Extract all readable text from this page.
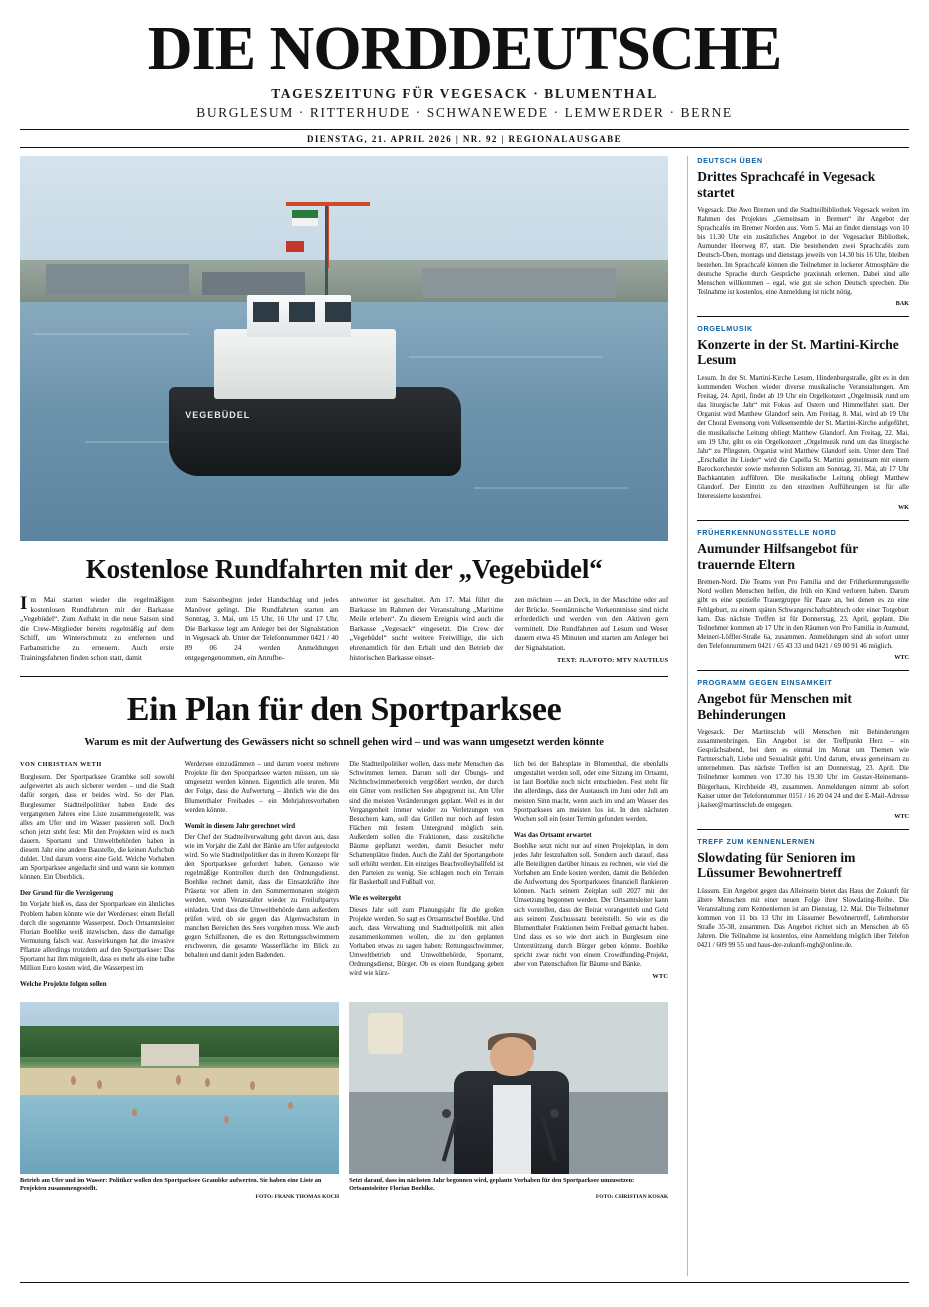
DIE NORDDEUTSCHE
TAGESZEITUNG FÜR VEGESACK · BLUMENTHAL
BURGLESUM · RITTERHUDE · SCHWANEWEDE · LEMWERDER · BERNE
DIENSTAG, 21. APRIL 2026 | NR. 92 | REGIONALAUSGABE
VEGEBÜDEL
Kostenlose Rundfahrten mit der „Vegebüdel“
Im Mai starten wieder die regelmäßigen kostenlosen Rundfahrten mit der Barkasse „Vegebüdel“. Zum Auftakt in die neue Saison sind die Crew-Mitglieder bereits regelmäßig auf dem Schiff, um Winterschmutz zu entfernen und Farbanstriche zu erneuern. Auch erste Trainingsfahrten finden schon statt, damit
zum Saisonbeginn jeder Handschlag und jedes Manöver gelingt. Die Rundfahrten starten am Sonntag, 3. Mai, um 15 Uhr, 16 Uhr und 17 Uhr. Die Barkasse legt am Anleger bei der Signalstation in Vegesack ab. Unter der Telefonnummer 0421 / 40 89 06 24 werden Anmeldungen entgegengenommen, ein Anrufbe-
antworter ist geschaltet. Am 17. Mai führt die Barkasse im Rahmen der Veranstaltung „Maritime Meile erleben“. Zu diesem Ereignis wird auch die Barkasse „Vegesack“ eingesetzt. Die Crew der „Vegebüdel“ sucht weitere Freiwillige, die sich ehrenamtlich für den Erhalt und den Betrieb der historischen Barkasse einset-
zen möchten — an Deck, in der Maschine oder auf der Brücke. Seemännische Vorkenntnisse sind nicht erforderlich und werden von den Aktiven gern vermittelt. Die Rundfahrten auf Lesum und Weser dauern etwa 45 Minuten und starten am Anleger bei der Signalstation.
TEXT: JLA/FOTO: MTV NAUTILUS
Ein Plan für den Sportparksee
Warum es mit der Aufwertung des Gewässers nicht so schnell gehen wird – und was wann umgesetzt werden könnte
VON CHRISTIAN WETH
Burglesum. Der Sportparksee Grambke soll sowohl aufgewertet als auch sicherer werden – und die Stadt dafür sorgen, dass er beides wird. So der Plan. Burglesumer Stadtteilpolitiker haben Ende des vergangenen Jahres eine Liste zusammengestellt, was alles am Ufer und im Wasser passieren soll. Doch schon jetzt steht fest: Mit den Projekten wird es noch dauern. Sportamt und Umweltbehörden haben in diesem Jahr eine andere Baustelle, die keinen Aufschub duldet. Und darum voerst eine Geld. Welche Vorhaben am Sportparksee angedacht sind und wann sie kommen können. Ein Überblick.
Der Grund für die Verzögerung
Im Vorjahr hieß es, dass der Sportparksee ein ähnliches Problem haben könnte wie der Werdersee: einen Befall durch die sogenannte Wasserpest. Doch Ortsamtsleiter Florian Boehlke weiß inzwischen, dass die damalige Vermutung falsch war. Auswirkungen hat die invasive Pflanze allerdings trotzdem auf den Sportparksee: Das Sportamt hat ihm mitgeteilt, dass es mehr als eine halbe Million Euro kosten wird, die Wasserpest im
Welche Projekte folgen sollen
Werdersee einzudämmen – und darum voerst mehrere Projekte für den Sportparksee warten müssen, um sie umgesetzt werden können. Eigentlich alle teuren. Mit der Folge, dass die Aufwertung – ähnlich wie die des Blumenthaler Freibades – ein Mehrjahresvorhaben werden könnte.
Womit in diesem Jahr gerechnet wird
Der Chef der Stadtteilverwaltung geht davon aus, dass wie im Vorjahr die Zahl der Bänke am Ufer aufgestockt wird. So wie Stadtteilpolitiker das in ihrem Konzept für den Sportparksee gefordert haben. Genauso wie regelmäßige Kontrollen durch den Ordnungsdienst. Boehlke rechnet damit, dass die Einsatzkräfte ihre Präsenz vor allem in den Sommermonaten steigern werden, wenn Veranstalter wieder zu Freiluftpartys einladen. Und dass die Umweltbehörde dann außerdem prüfen wird, ob sie gegen das Algenwachstum in manchen Bereichen des Sees vorgehen muss. Wie auch gegen Schilfzonen, die es den Rettungsschwimmern erschweren, die gesamte Wasserfläche im Blick zu behalten und damit jeden Badenden.
Die Stadtteilpolitiker wollen, dass mehr Menschen das Schwimmen lernen. Darum soll der Übungs- und Nichtschwimmerbereich vergrößert werden, der durch ein Gitter vom restlichen See abgegrenzt ist. Am Ufer sind die meisten Veränderungen geplant. Weil es in der Vergangenheit immer wieder zu Verletzungen von Besuchern kam, soll das Grillen nur noch auf festen Flächen mit festem Untergrund möglich sein. Außerdem sollen die Fraktionen, dass zusätzliche Bäume gepflanzt werden, damit Besucher mehr Schattenplätze finden. Auch die Zahl der Sportangebote soll erhöht werden. Ein einziges Beachvolleyballfeld ist den Parteien zu wenig. Sie schlagen noch ein Terrain für Basketball und Fußball vor.
Wie es weitergeht
Dieses Jahr soll zum Planungsjahr für die großen Projekte werden. So sagt es Ortsamtschef Boehlke. Und auch, dass Verwaltung und Stadtteilpolitik mit allen zusammenkommen wollen, die zu den geplanten Vorhaben etwas zu sagen haben: Rettungsschwimmer, Umweltbetrieb und Umweltbehörde, Sportamt, Ordnungsdienst, Bürger. Ob es einen Rundgang geben wird wie kürz-
lich bei der Bahrsplate in Blumenthal, die ebenfalls umgestaltet werden soll, oder eine Sitzung im Ortsamt, ist laut Boehlke noch nicht entschieden. Fest steht für ihn allerdings, dass der Austausch im Juni oder Juli am meisten Sinn macht, wenn auch im und am Wasser des Sportparksees am meisten los ist. In den nächsten Wochen soll ein fester Termin gefunden werden.
Was das Ortsamt erwartet
Boehlke setzt nicht nur auf einen Projektplan, in dem jedes Jahr festzuhalten soll. Sondern auch darauf, dass alle Beteiligten darüber hinaus zu rechnen, wie viel die Vorhaben am Ende kosten werden, damit die Behörden die Aufwertung des Sportparksees finanziell flankieren können. Nach seinem Zeitplan soll 2027 mit der Umsetzung begonnen werden. Der Ortsamtsleiter kann sich vorstellen, dass der Beirat vorangetrieb und Geld aus seinem Zuschusssatz bereitstellt. So wie es die Blumenthaler Fraktionen beim Freibad gemacht haben. Und dass es so wie dort auch in Burglesum eine Unterstützung durch Bürger geben könnte. Boehlke spricht zwar nicht von einem Crowdfunding-Projekt, aber von Patenschaften für Bäume und Bänke.
WTC
Betrieb am Ufer und im Wasser: Politiker wollen den Sportparksee Grambke aufwerten. Sie haben eine Liste an Projekten zusammengestellt.
FOTO: FRANK THOMAS KOCH
Setzt darauf, dass im nächsten Jahr begonnen wird, geplante Vorhaben für den Sportparksee umzusetzen: Ortsamtsleiter Florian Boehlke.
FOTO: CHRISTIAN KOSAK
DEUTSCH ÜBEN
Drittes Sprachcafé in Vegesack startet
Vegesack. Die Awo Bremen und die Stadtteilbibliothek Vegesack weiten im Rahmen des Projektes „Gemeinsam in Bremen“ ihr Angebot der Sprachcafés im Bremer Norden aus. Vom 5. Mai an findet dienstags von 10 bis 11.30 Uhr ein zusätzliches Angebot in der Vegesacker Bibliothek, Aumunder Heerweg 87, statt. Die bestehenden zwei Sprachcafés zum Deutsch-Üben, montags und dienstags jeweils von 14.30 bis 16 Uhr, bleiben bestehen. Im Sprachcafé können die Teilnehmer in lockerer Atmosphäre die deutsche Sprache durch Gespräche praxisnah erlernen. Dabei sind alle Menschen willkommen – egal, wie gut sie schon Deutsch sprechen. Die Teilnahme ist kostenlos, eine Anmeldung ist nicht nötig.
BAK
ORGELMUSIK
Konzerte in der St. Martini-Kirche Lesum
Lesum. In der St. Martini-Kirche Lesum, Hindenburgstraße, gibt es in den kommenden Wochen wieder diverse musikalische Veranstaltungen. Am Freitag, 24. April, findet ab 19 Uhr ein Orgelkonzert „Orgelmusik rund um das liturgische Jahr“ mit Fokus auf Ostern und Himmelfahrt statt. Der Organist wird Matthew Glandorf sein. Am Freitag, 8. Mai, wird ab 19 Uhr der Choral Evensong vom Volksensemble der St. Martini-Kirche aufgeführt, die musikalische Leitung obliegt Matthew Glandorf. Am Freitag, 22. Mai, um 19 Uhr, gibt es ein Orgelkonzert „Orgelmusik rund um das liturgische Jahr“ zu Pfingsten. Organist wird Matthew Glandorf sein. Unter dem Titel „Erschallet ihr Lieder“ wird die Capella St. Martini gemeinsam mit einem Barockorchester sowie mehreren Solisten am Sonntag, 31. Mai, ab 17 Uhr Bachkantaten aufführen. Die musikalische Leitung obliegt Matthew Glandorf. Der Eintritt zu den einzelnen Aufführungen ist für alle Interessierte kostenfrei.
WK
FRÜHERKENNUNGSSTELLE NORD
Aumunder Hilfsangebot für trauernde Eltern
Bremen-Nord. Die Teams von Pro Familia und der Früherkennungsstelle Nord wollen Menschen helfen, die früh ein Kind verloren haben. Darum gibt es eine spezielle Trauergruppe für Paare an, bei denen es zu eine Fehlgeburt, zu einem späten Schwangerschaftsabbruch oder einer Totgeburt kam. Das nächste Treffen ist für Donnerstag, 23. April, geplant. Die Teilnehmer kommen ab 17 Uhr in den Räumen von Pro Familia in Aumund, Meinert-Löffler-Straße 6a, zusammen. Anmeldungen sind ab sofort unter den Telefonnummern 0421 / 65 43 33 und 0421 / 69 00 91 46 möglich.
WTC
PROGRAMM GEGEN EINSAMKEIT
Angebot für Menschen mit Behinderungen
Vegesack. Der Martinsclub will Menschen mit Behinderungen zusammenbringen. Ein Angebot ist der Treffpunkt Herz – ein Gesprächsabend, bei dem es einmal im Monat um Themen wie Partnerschaft, Liebe und Sexualität geht. Und darum, etwas gemeinsam zu unternehmen. Das nächste Treffen ist am Donnerstag, 23. April. Die Teilnehmer kommen von 17.30 bis 19.30 Uhr im Gustav-Heinemann-Bürgerhaus, Kirchheide 49, zusammen. Anmeldungen nimmt ab sofort Kaiser unter der Telefonnummer 0151 / 16 20 04 24 und der E-Mail-Adresse j.kaiser@martinsclub.de entgegen.
WTC
TREFF ZUM KENNENLERNEN
Slowdating für Senioren im Lüssumer Bewohnertreff
Lüssum. Ein Angebot gegen das Alleinsein bietet das Haus der Zukunft für ältere Menschen mit einer neuen Folge ihrer Slowdating-Reihe. Die Veranstaltung zum Kennenlernen ist am Dienstag, 12. Mai. Die Teilnehmer kommen von 11 bis 13 Uhr im Lüssumer Bewohnertreff, Lehmhorster Straße 35-38, zusammen. Das Angebot richtet sich an Menschen ab 65 Jahren. Die Teilnahme ist kostenlos, eine Anmeldung möglich über Telefon 0421 / 609 99 55 und haus-der-zukunft-mgh@online.de.
